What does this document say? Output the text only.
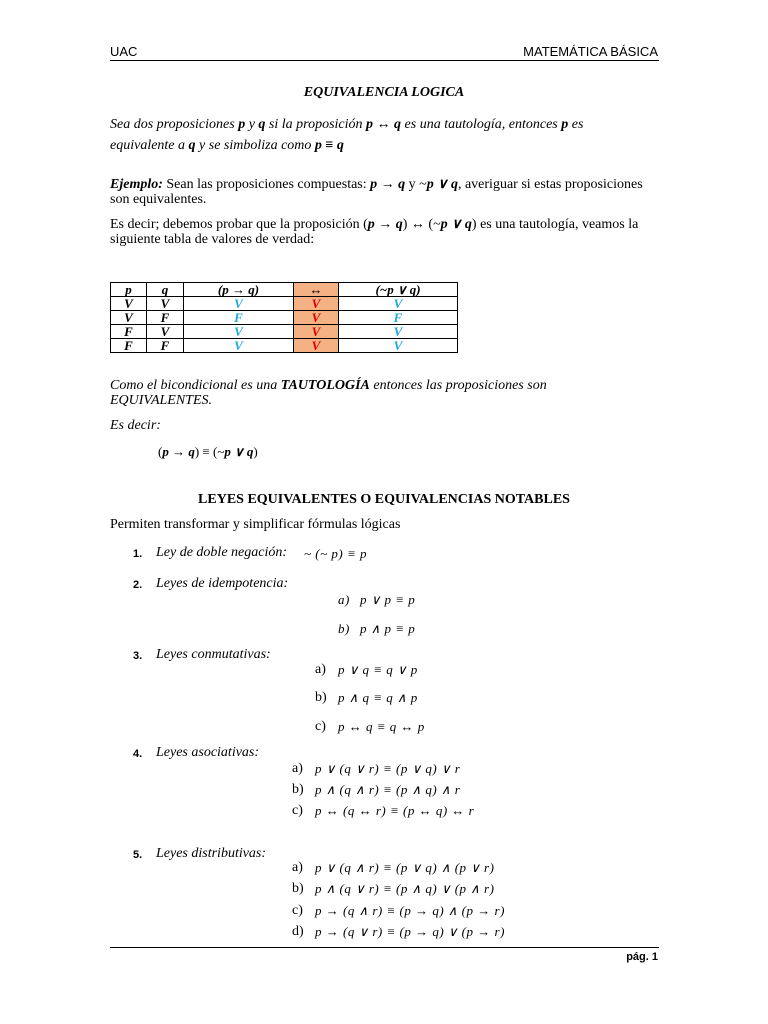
UAC	MATEMÁTICA BÁSICA
EQUIVALENCIA LOGICA
Sea dos proposiciones p y q si la proposición p ↔ q es una tautología, entonces p es
equivalente a q y se simboliza como p ≡ q
Ejemplo: Sean las proposiciones compuestas: p → q y ~p ∨ q, averiguar si estas proposiciones
son equivalentes.
Es decir; debemos probar que la proposición (p → q) ↔ (~p ∨ q) es una tautología, veamos la
siguiente tabla de valores de verdad:
p	q	(p → q)	↔	(~p ∨ q)
V	V	V	V	V
V	F	F	V	F
F	V	V	V	V
F	F	V	V	V
Como el bicondicional es una TAUTOLOGÍA entonces las proposiciones son
EQUIVALENTES.
Es decir:
(p → q) ≡ (~p ∨ q)
LEYES EQUIVALENTES O EQUIVALENCIAS NOTABLES
Permiten transformar y simplificar fórmulas lógicas
1. Ley de doble negación: ~ (~ p) ≡ p
2. Leyes de idempotencia:
a) p ∨ p ≡ p
b) p ∧ p ≡ p
3. Leyes conmutativas:
a) p ∨ q ≡ q ∨ p
b) p ∧ q ≡ q ∧ p
c) p ↔ q ≡ q ↔ p
4. Leyes asociativas:
a) p ∨ (q ∨ r) ≡ (p ∨ q) ∨ r
b) p ∧ (q ∧ r) ≡ (p ∧ q) ∧ r
c) p ↔ (q ↔ r) ≡ (p ↔ q) ↔ r
5. Leyes distributivas:
a) p ∨ (q ∧ r) ≡ (p ∨ q) ∧ (p ∨ r)
b) p ∧ (q ∨ r) ≡ (p ∧ q) ∨ (p ∧ r)
c) p → (q ∧ r) ≡ (p → q) ∧ (p → r)
d) p → (q ∨ r) ≡ (p → q) ∨ (p → r)
pág. 1
